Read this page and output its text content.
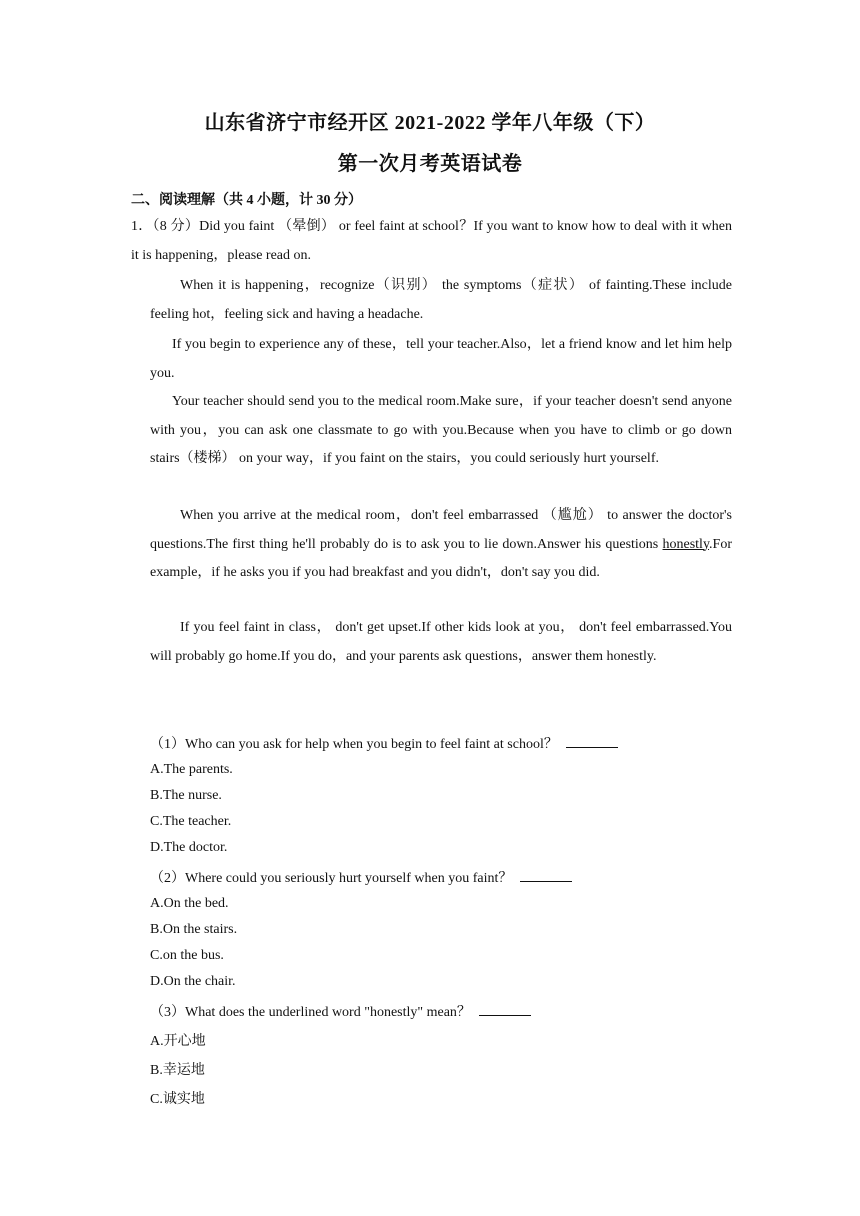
山东省济宁市经开区 2021-2022 学年八年级（下）
第一次月考英语试卷
二、阅读理解（共 4 小题，计 30 分）
1．（8 分）Did you faint （晕倒） or feel faint at school？If you want to know how to deal with it when it is happening，please read on.
When it is happening，recognize（识别） the symptoms（症状） of fainting.These include feeling hot，feeling sick and having a headache.
If you begin to experience any of these，tell your teacher.Also，let a friend know and let him help you.
Your teacher should send you to the medical room.Make sure，if your teacher doesn't send anyone with you，you can ask one classmate to go with you.Because when you have to climb or go down stairs（楼梯） on your way，if you faint on the stairs，you could seriously hurt yourself.
When you arrive at the medical room，don't feel embarrassed （尴尬） to answer the doctor's questions.The first thing he'll probably do is to ask you to lie down.Answer his questions honestly.For example，if he asks you if you had breakfast and you didn't，don't say you did.
If you feel faint in class， don't get upset.If other kids look at you， don't feel embarrassed.You will probably go home.If you do，and your parents ask questions，answer them honestly.
（1）Who can you ask for help when you begin to feel faint at school？
A.The parents.
B.The nurse.
C.The teacher.
D.The doctor.
（2）Where could you seriously hurt yourself when you faint？
A.On the bed.
B.On the stairs.
C.on the bus.
D.On the chair.
（3）What does the underlined word "honestly" mean？
A.开心地
B.幸运地
C.诚实地
